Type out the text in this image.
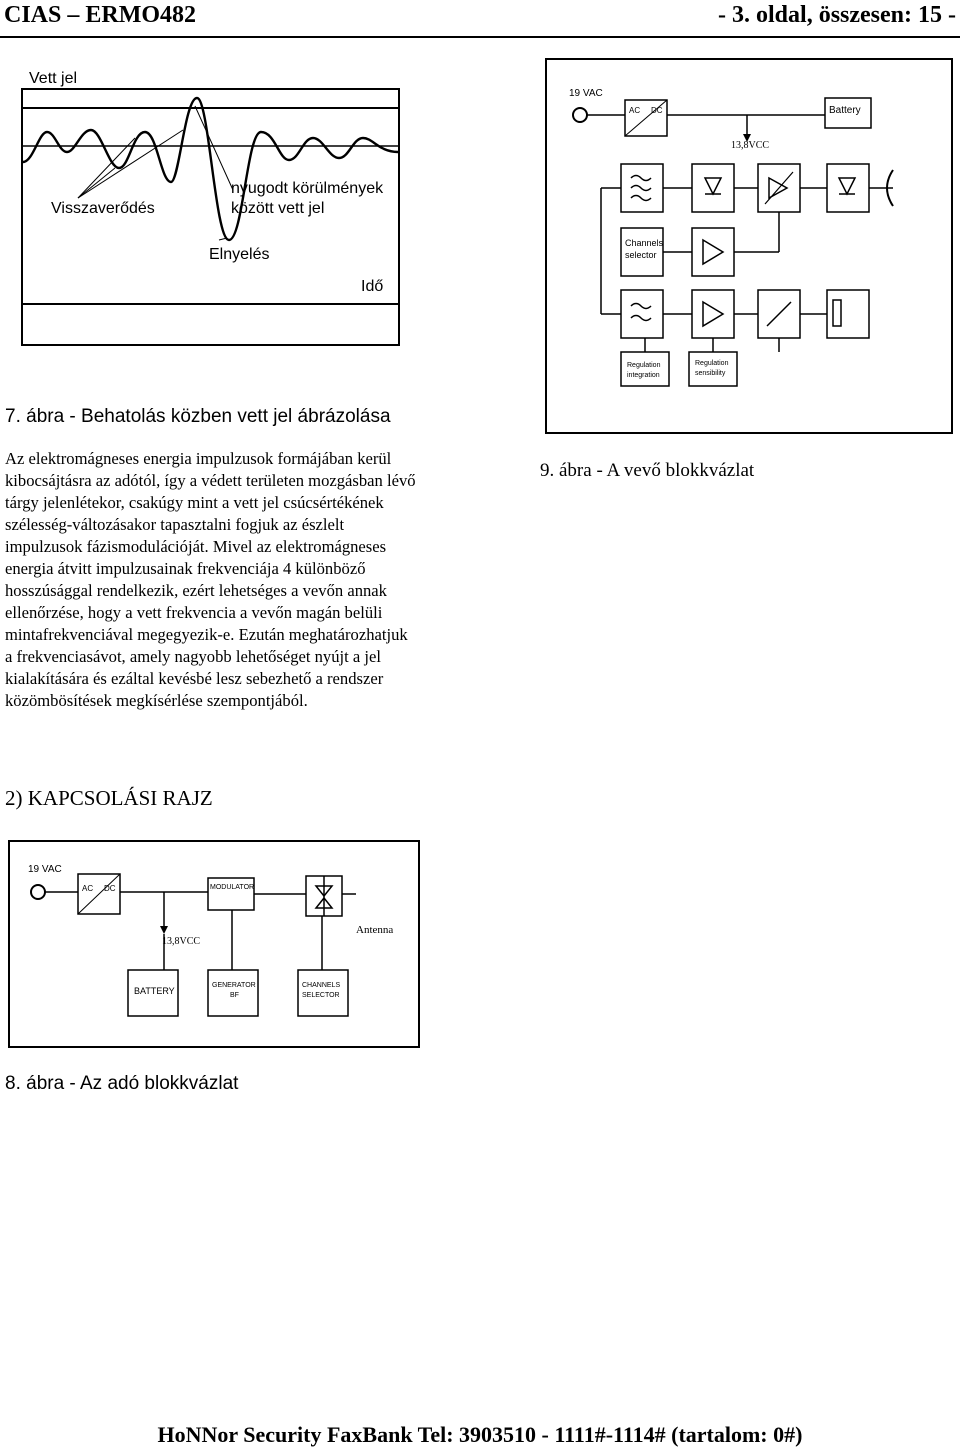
CIAS – ERMO482	- 3. oldal, összesen: 15 -
Vett jel
Visszaverődés
nyugodt körülmények
között vett jel
Elnyelés
Idő
7. ábra - Behatolás közben vett jel ábrázolása
19 VAC
AC DC	Battery
13,8VCC
Channels
selector
Regulation
integration
Regulation
sensibility
9. ábra - A vevő blokkvázlat
Az elektromágneses energia impulzusok formájában kerül
kibocsájtásra az adótól, így a védett területen mozgásban lévő
tárgy jelenlétekor, csakúgy mint a vett jel csúcsértékének
szélesség-változásakor tapasztalni fogjuk az észlelt
impulzusok fázismodulációját. Mivel az elektromágneses
energia átvitt impulzusainak frekvenciája 4 különböző
hosszúsággal rendelkezik, ezért lehetséges a vevőn annak
ellenőrzése, hogy a vett frekvencia a vevőn magán belüli
mintafrekvenciával megegyezik-e. Ezután meghatározhatjuk
a frekvenciasávot, amely nagyobb lehetőséget nyújt a jel
kialakítására és ezáltal kevésbé lesz sebezhető a rendszer
közömbösítések megkísérlése szempontjából.
2) KAPCSOLÁSI RAJZ
19 VAC
AC DC	MODULATOR
13,8VCC
Antenna
BATTERY
GENERATOR
BF
CHANNELS
SELECTOR
8. ábra - Az adó blokkvázlat
HoNNor Security FaxBank Tel: 3903510 - 1111#-1114# (tartalom: 0#)
